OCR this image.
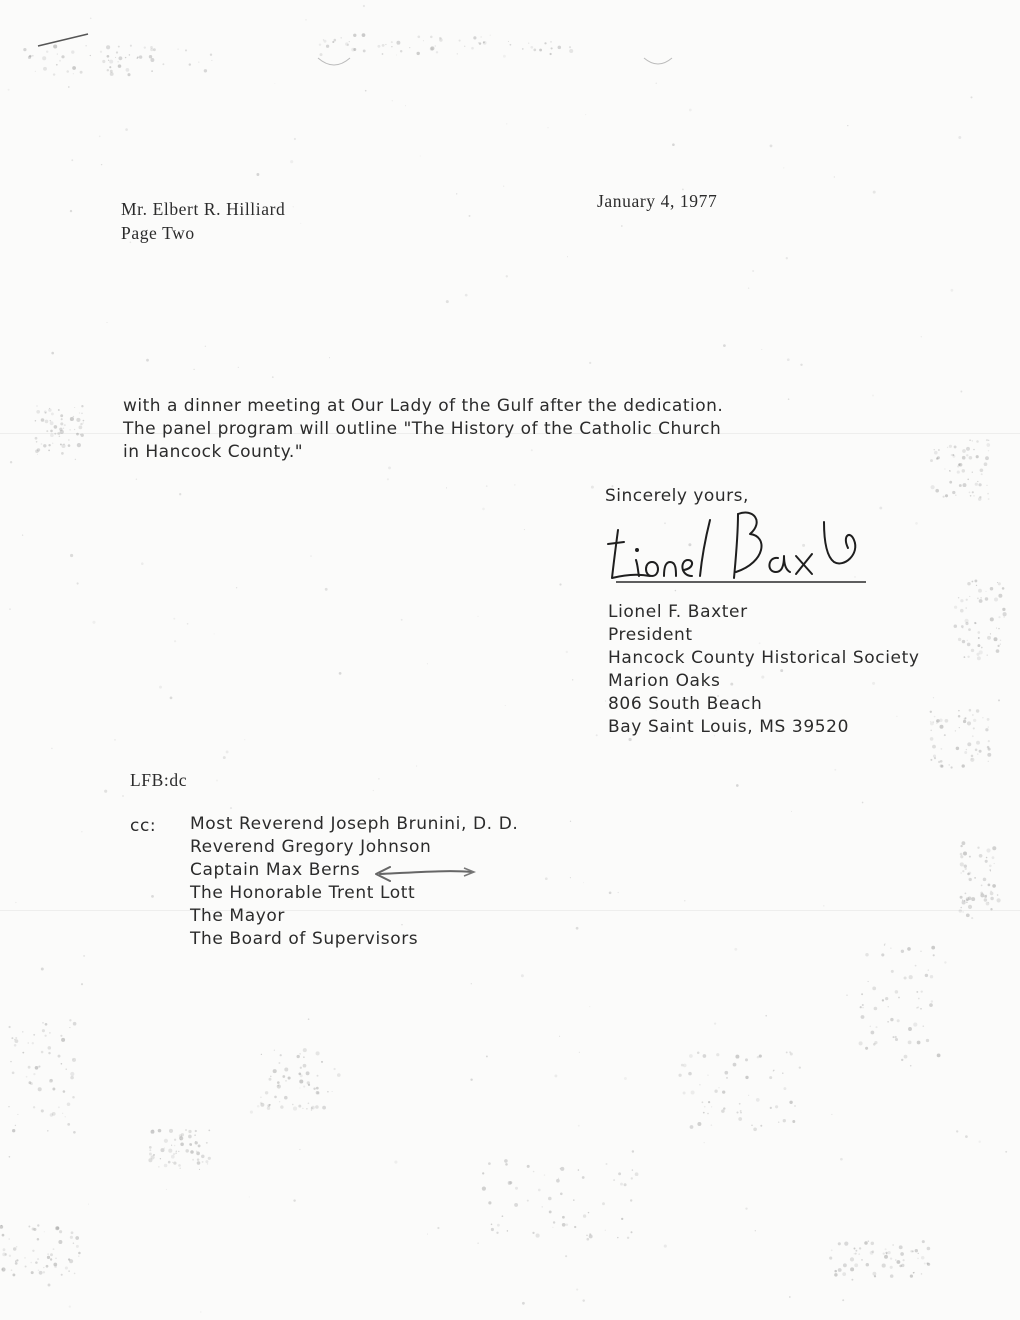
Mr. Elbert R. Hilliard
Page Two
January 4, 1977
with a dinner meeting at Our Lady of the Gulf after the dedication.
The panel program will outline "The History of the Catholic Church
in Hancock County."
Sincerely yours,
Lionel F. Baxter
President
Hancock County Historical Society
Marion Oaks
806 South Beach
Bay Saint Louis, MS 39520
LFB:dc
cc: Most Reverend Joseph Brunini, D. D.
Reverend Gregory Johnson
Captain Max Berns
The Honorable Trent Lott
The Mayor
The Board of Supervisors
